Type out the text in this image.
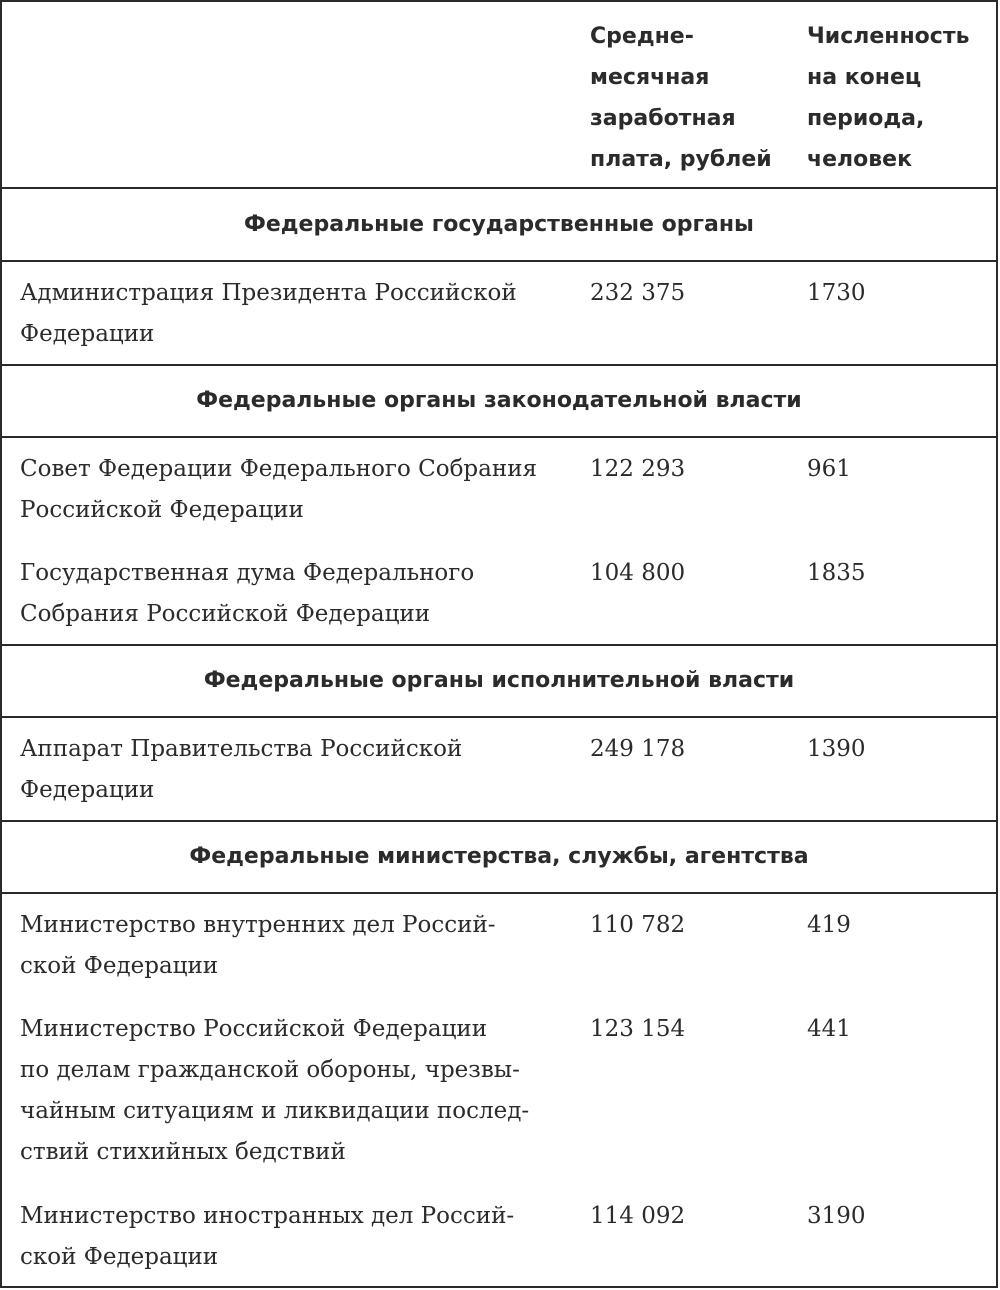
Средне-
месячная
заработная
плата, рублей
Численность
на конец
периода,
человек
Федеральные государственные органы
Администрация Президента Российской
Федерации
232 375	1730
Федеральные органы законодательной власти
Совет Федерации Федерального Собрания
Российской Федерации
122 293	961
Государственная дума Федерального
Собрания Российской Федерации
104 800	1835
Федеральные органы исполнительной власти
Аппарат Правительства Российской
Федерации
249 178	1390
Федеральные министерства, службы, агентства
Министерство внутренних дел Россий-
ской Федерации
110 782	419
Министерство Российской Федерации
по делам гражданской обороны, чрезвы-
чайным ситуациям и ликвидации послед-
ствий стихийных бедствий
123 154	441
Министерство иностранных дел Россий-
ской Федерации
114 092	3190
